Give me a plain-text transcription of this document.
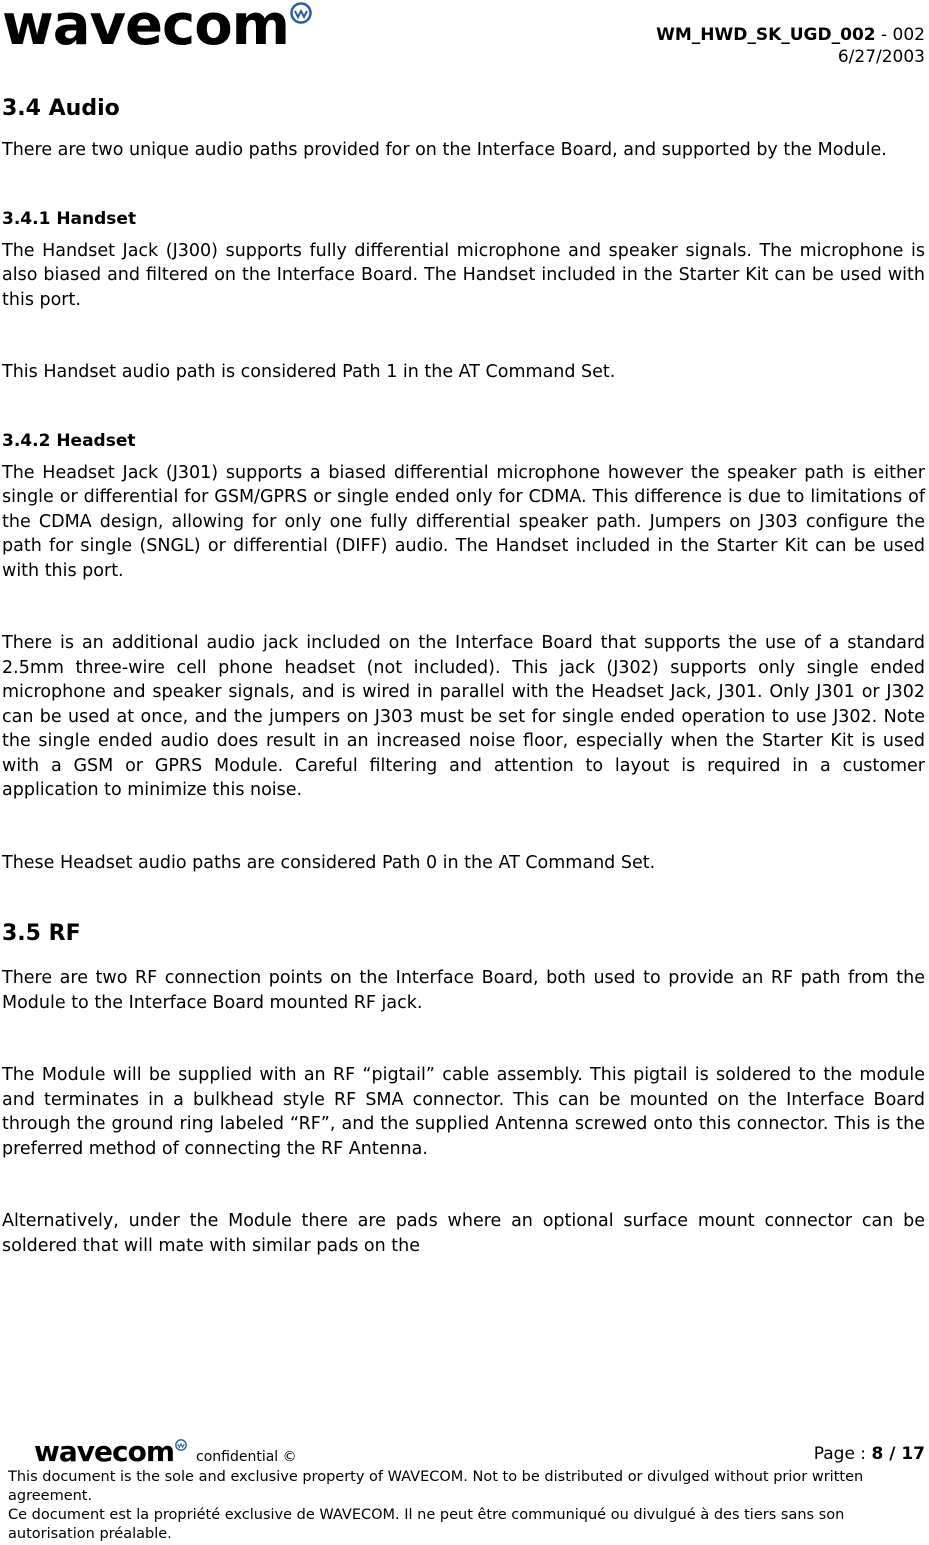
wavecom	WM_HWD_SK_UGD_002 - 002
6/27/2003
3.4 Audio

There are two unique audio paths provided for on the Interface Board, and supported by the Module.

3.4.1 Handset

The Handset Jack (J300) supports fully differential microphone and speaker signals. The microphone is also biased and filtered on the Interface Board. The Handset included in the Starter Kit can be used with this port.

This Handset audio path is considered Path 1 in the AT Command Set.

3.4.2 Headset

The Headset Jack (J301) supports a biased differential microphone however the speaker path is either single or differential for GSM/GPRS or single ended only for CDMA. This difference is due to limitations of the CDMA design, allowing for only one fully differential speaker path. Jumpers on J303 configure the path for single (SNGL) or differential (DIFF) audio. The Handset included in the Starter Kit can be used with this port.

There is an additional audio jack included on the Interface Board that supports the use of a standard 2.5mm three-wire cell phone headset (not included). This jack (J302) supports only single ended microphone and speaker signals, and is wired in parallel with the Headset Jack, J301. Only J301 or J302 can be used at once, and the jumpers on J303 must be set for single ended operation to use J302. Note the single ended audio does result in an increased noise floor, especially when the Starter Kit is used with a GSM or GPRS Module. Careful filtering and attention to layout is required in a customer application to minimize this noise.

These Headset audio paths are considered Path 0 in the AT Command Set.

3.5 RF

There are two RF connection points on the Interface Board, both used to provide an RF path from the Module to the Interface Board mounted RF jack.

The Module will be supplied with an RF “pigtail” cable assembly. This pigtail is soldered to the module and terminates in a bulkhead style RF SMA connector. This can be mounted on the Interface Board through the ground ring labeled “RF”, and the supplied Antenna screwed onto this connector. This is the preferred method of connecting the RF Antenna.

Alternatively, under the Module there are pads where an optional surface mount connector can be soldered that will mate with similar pads on the

wavecom confidential ©	Page : 8 / 17
This document is the sole and exclusive property of WAVECOM. Not to be distributed or divulged without prior written agreement.
Ce document est la propriété exclusive de WAVECOM. Il ne peut être communiqué ou divulgué à des tiers sans son autorisation préalable.
